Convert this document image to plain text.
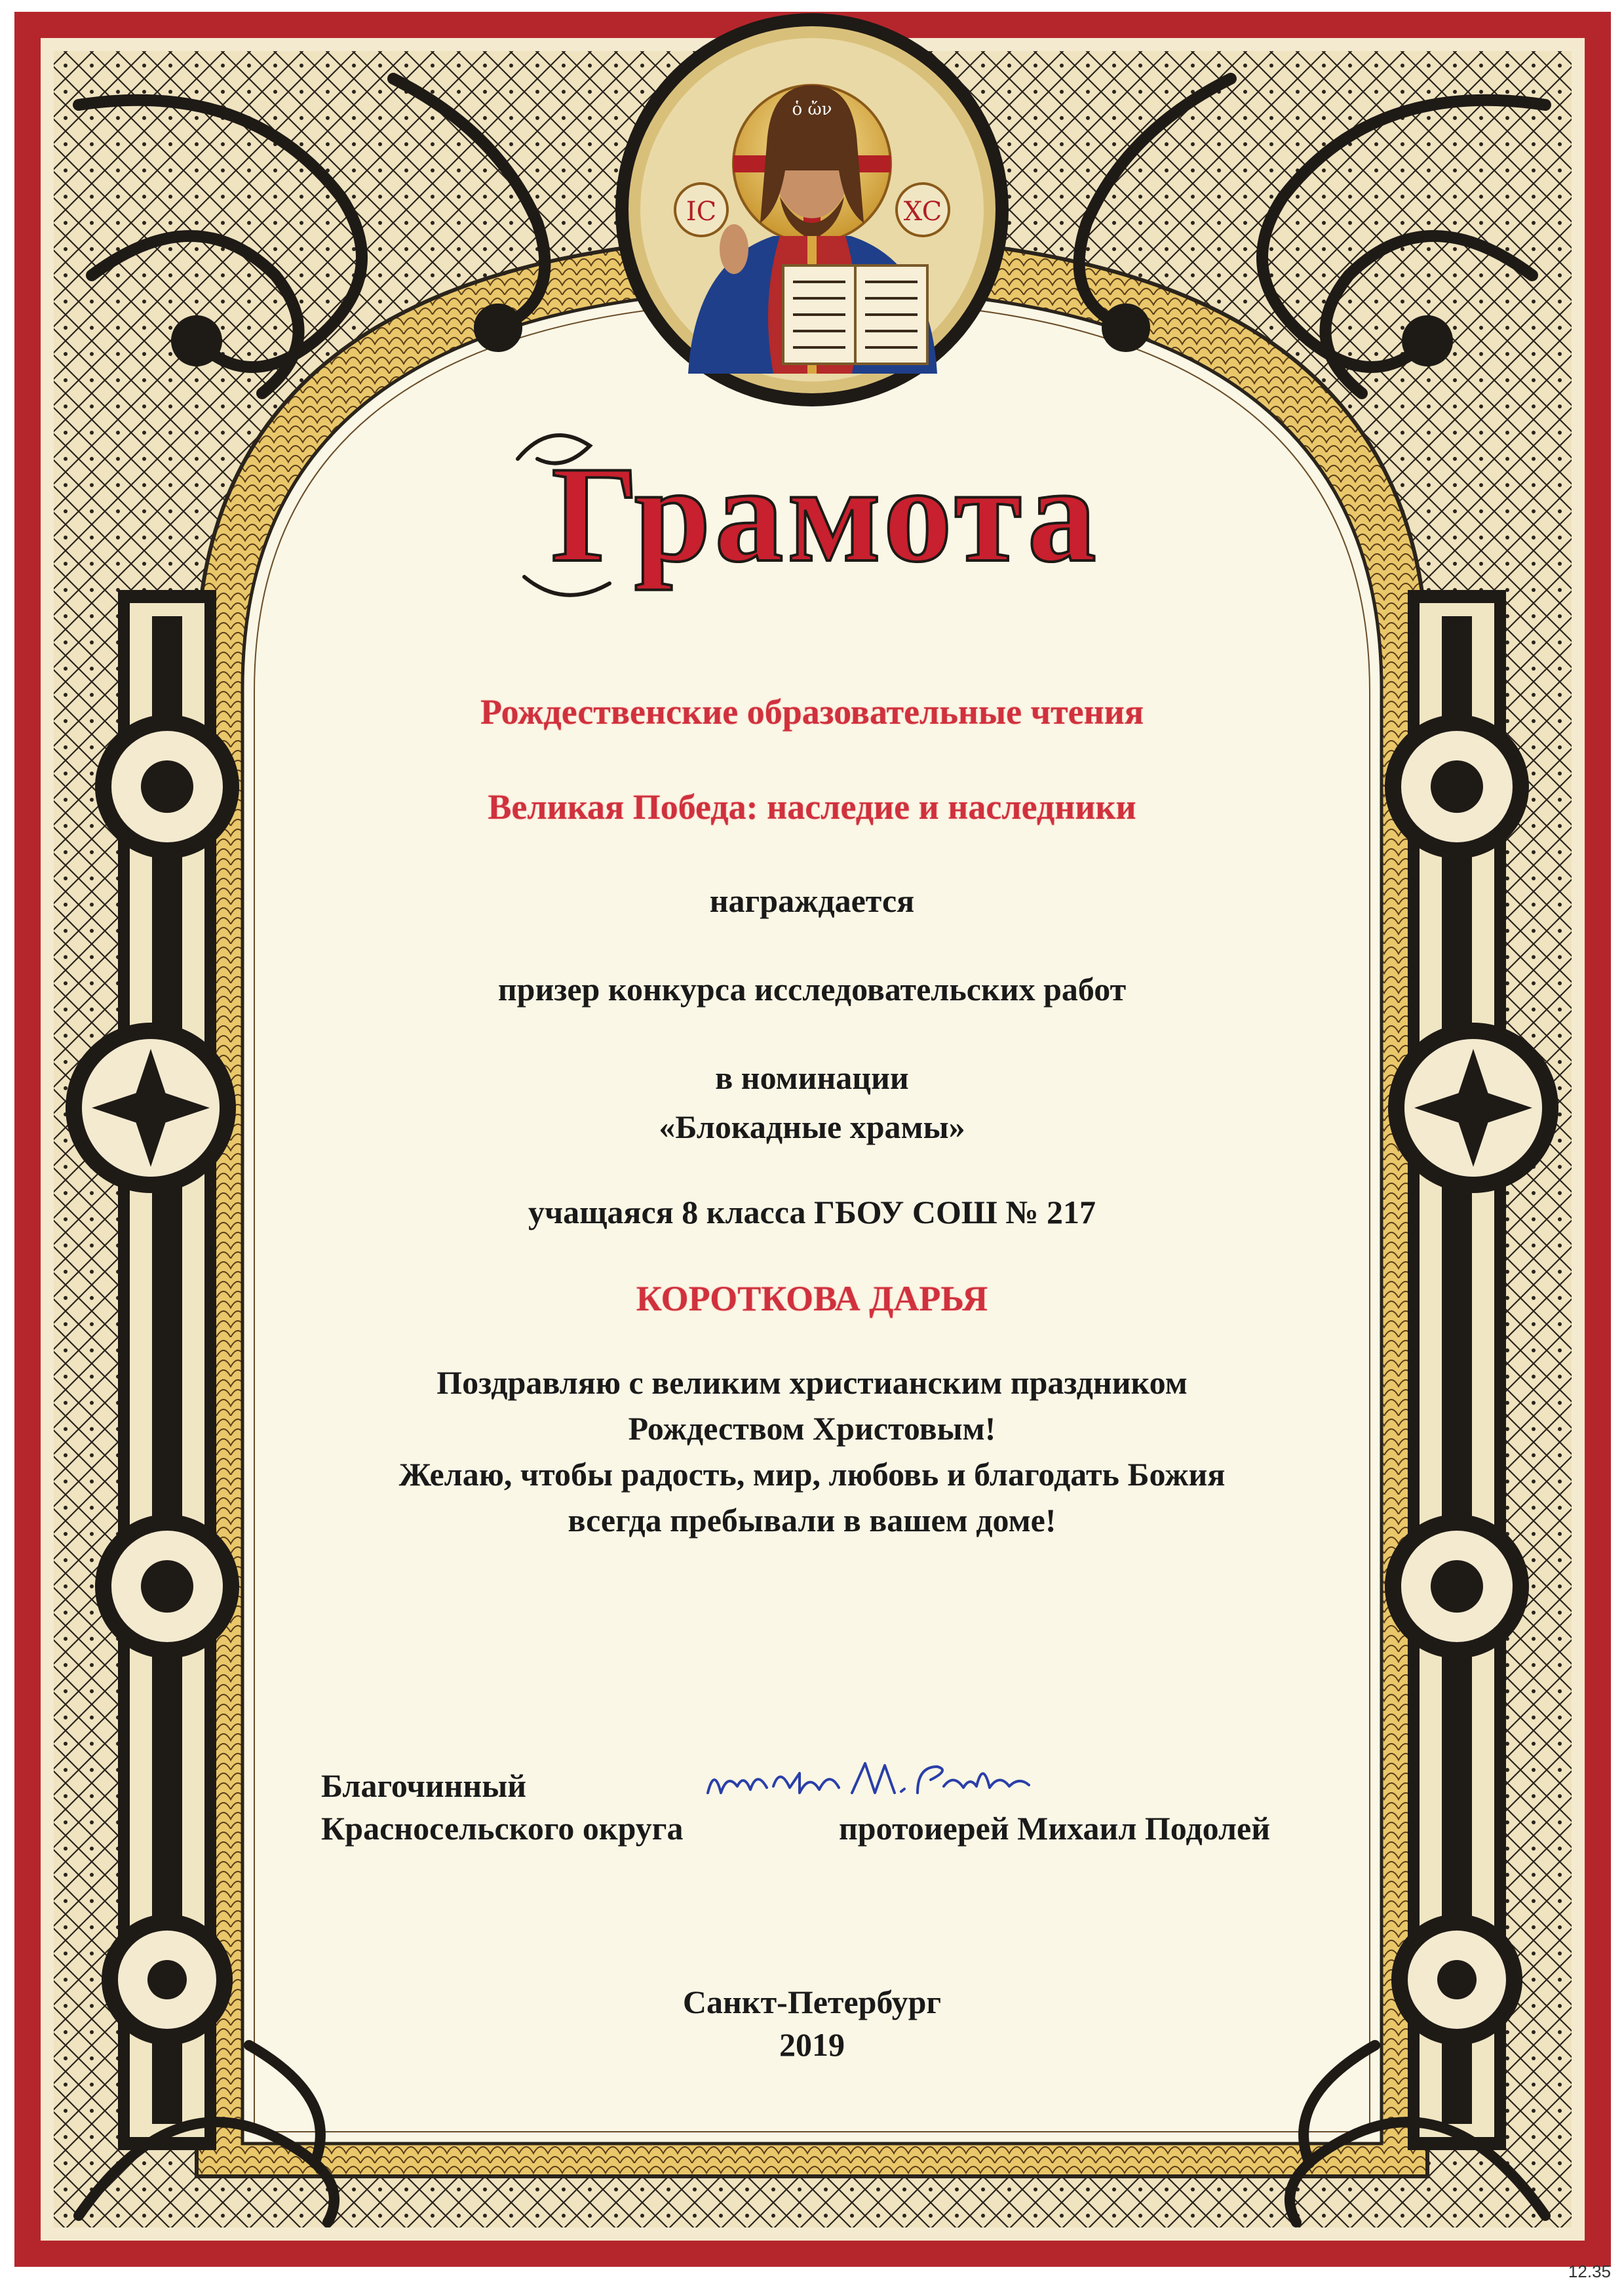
IC	XC
ὁ ὤν
Грамота
Рождественские образовательные чтения
Великая Победа: наследие и наследники
награждается
призер конкурса исследовательских работ
в номинации
«Блокадные храмы»
учащаяся 8 класса ГБОУ СОШ № 217
КОРОТКОВА ДАРЬЯ
Поздравляю с великим христианским праздником
Рождеством Христовым!
Желаю, чтобы радость, мир, любовь и благодать Божия
всегда пребывали в вашем доме!
Благочинный
Красносельского округа	протоиерей Михаил Подолей
Санкт-Петербург
2019
12.35
